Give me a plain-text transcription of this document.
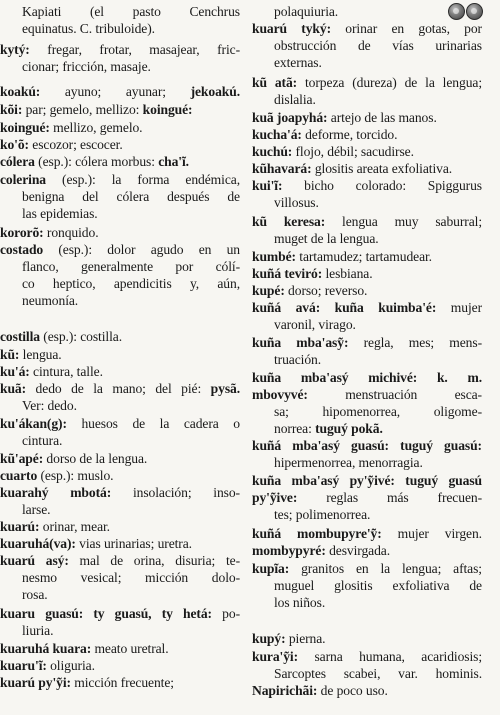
Kapiati (el pasto Cenchrus
equinatus. C. tribuloide).
kytý: fregar, frotar, masajear, fric-
cionar; fricción, masaje.
koakú: ayuno; ayunar; jekoakú.
kõi: par; gemelo, mellizo: koingué:
koingué: mellizo, gemelo.
ko'õ: escozor; escocer.
cólera (esp.): cólera morbus: cha'ĩ.
colerina (esp.): la forma endémica,
benigna del cólera después de
las epidemias.
kororõ: ronquido.
costado (esp.): dolor agudo en un
flanco, generalmente por cólí-
co heptico, apendicitis y, aún,
neumonía.
costilla (esp.): costilla.
kũ: lengua.
ku'á: cintura, talle.
kuã: dedo de la mano; del pié: pysã.
Ver: dedo.
ku'ákan(g): huesos de la cadera o
cintura.
kũ'apé: dorso de la lengua.
cuarto (esp.): muslo.
kuarahý mbotá: insolación; inso-
larse.
kuarú: orinar, mear.
kuaruhá(va): vias urinarias; uretra.
kuarú asý: mal de orina, disuria; te-
nesmo vesical; micción dolo-
rosa.
kuaru guasú: ty guasú, ty hetá: po-
liuria.
kuaruhá kuara: meato uretral.
kuaru'ĩ: oliguria.
kuarú py'ỹi: micción frecuente;
polaquiuria.
kuarú tyký: orinar en gotas, por
obstrucción de vías urinarias
externas.
kũ atã: torpeza (dureza) de la lengua;
dislalia.
kuã joapyhá: artejo de las manos.
kucha'á: deforme, torcido.
kuchú: flojo, débil; sacudirse.
kũhavará: glositis areata exfoliativa.
kui'ĩ: bicho colorado: Spiggurus
villosus.
kũ keresa: lengua muy saburral;
muget de la lengua.
kumbé: tartamudez; tartamudear.
kuñá teviró: lesbiana.
kupé: dorso; reverso.
kuñá avá: kuña kuimba'é: mujer
varonil, virago.
kuña mba'asỹ: regla, mes; mens-
truación.
kuña mba'asý michivé: k. m.
mbovyvé: menstruación esca-
sa; hipomenorrea, oligome-
norrea: tuguý pokã.
kuñá mba'asý guasú: tuguý guasú:
hipermenorrea, menorragia.
kuña mba'asý py'ỹivé: tuguý guasú
py'ỹive: reglas más frecuen-
tes; polimenorrea.
kuñá mombupyre'ỹ: mujer virgen.
mombypyré: desvirgada.
kupĩa: granitos en la lengua; aftas;
muguel glositis exfoliativa de
los niños.
kupý: pierna.
kura'ỹi: sarna humana, acaridiosis;
Sarcoptes scabei, var. hominis.
Napirichãi: de poco uso.
